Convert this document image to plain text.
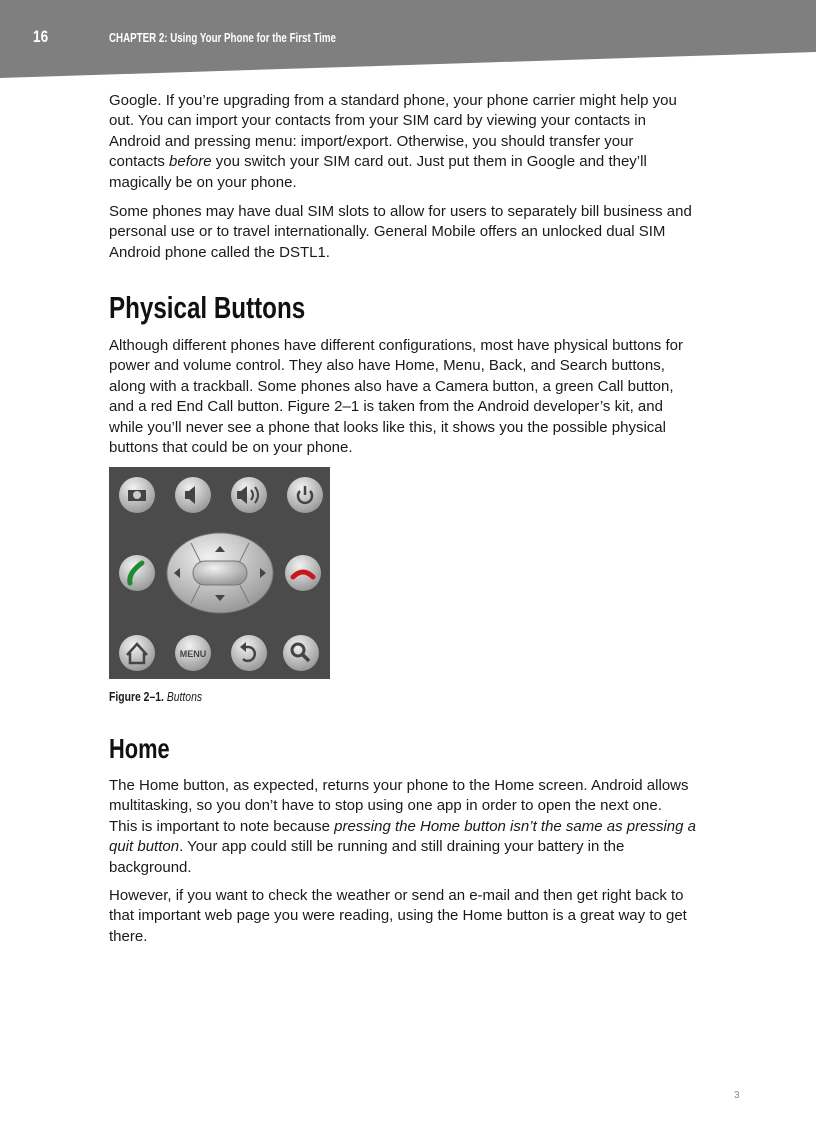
16	CHAPTER 2: Using Your Phone for the First Time
Google. If you’re upgrading from a standard phone, your phone carrier might help you
out. You can import your contacts from your SIM card by viewing your contacts in
Android and pressing menu: import/export. Otherwise, you should transfer your
contacts before you switch your SIM card out. Just put them in Google and they’ll
magically be on your phone.
Some phones may have dual SIM slots to allow for users to separately bill business and
personal use or to travel internationally. General Mobile offers an unlocked dual SIM
Android phone called the DSTL1.
Physical Buttons
Although different phones have different configurations, most have physical buttons for
power and volume control. They also have Home, Menu, Back, and Search buttons,
along with a trackball. Some phones also have a Camera button, a green Call button,
and a red End Call button. Figure 2–1 is taken from the Android developer’s kit, and
while you’ll never see a phone that looks like this, it shows you the possible physical
buttons that could be on your phone.
MENU
Figure 2–1. Buttons
Home
The Home button, as expected, returns your phone to the Home screen. Android allows
multitasking, so you don’t have to stop using one app in order to open the next one.
This is important to note because pressing the Home button isn’t the same as pressing a
quit button. Your app could still be running and still draining your battery in the
background.
However, if you want to check the weather or send an e-mail and then get right back to
that important web page you were reading, using the Home button is a great way to get
there.
3
